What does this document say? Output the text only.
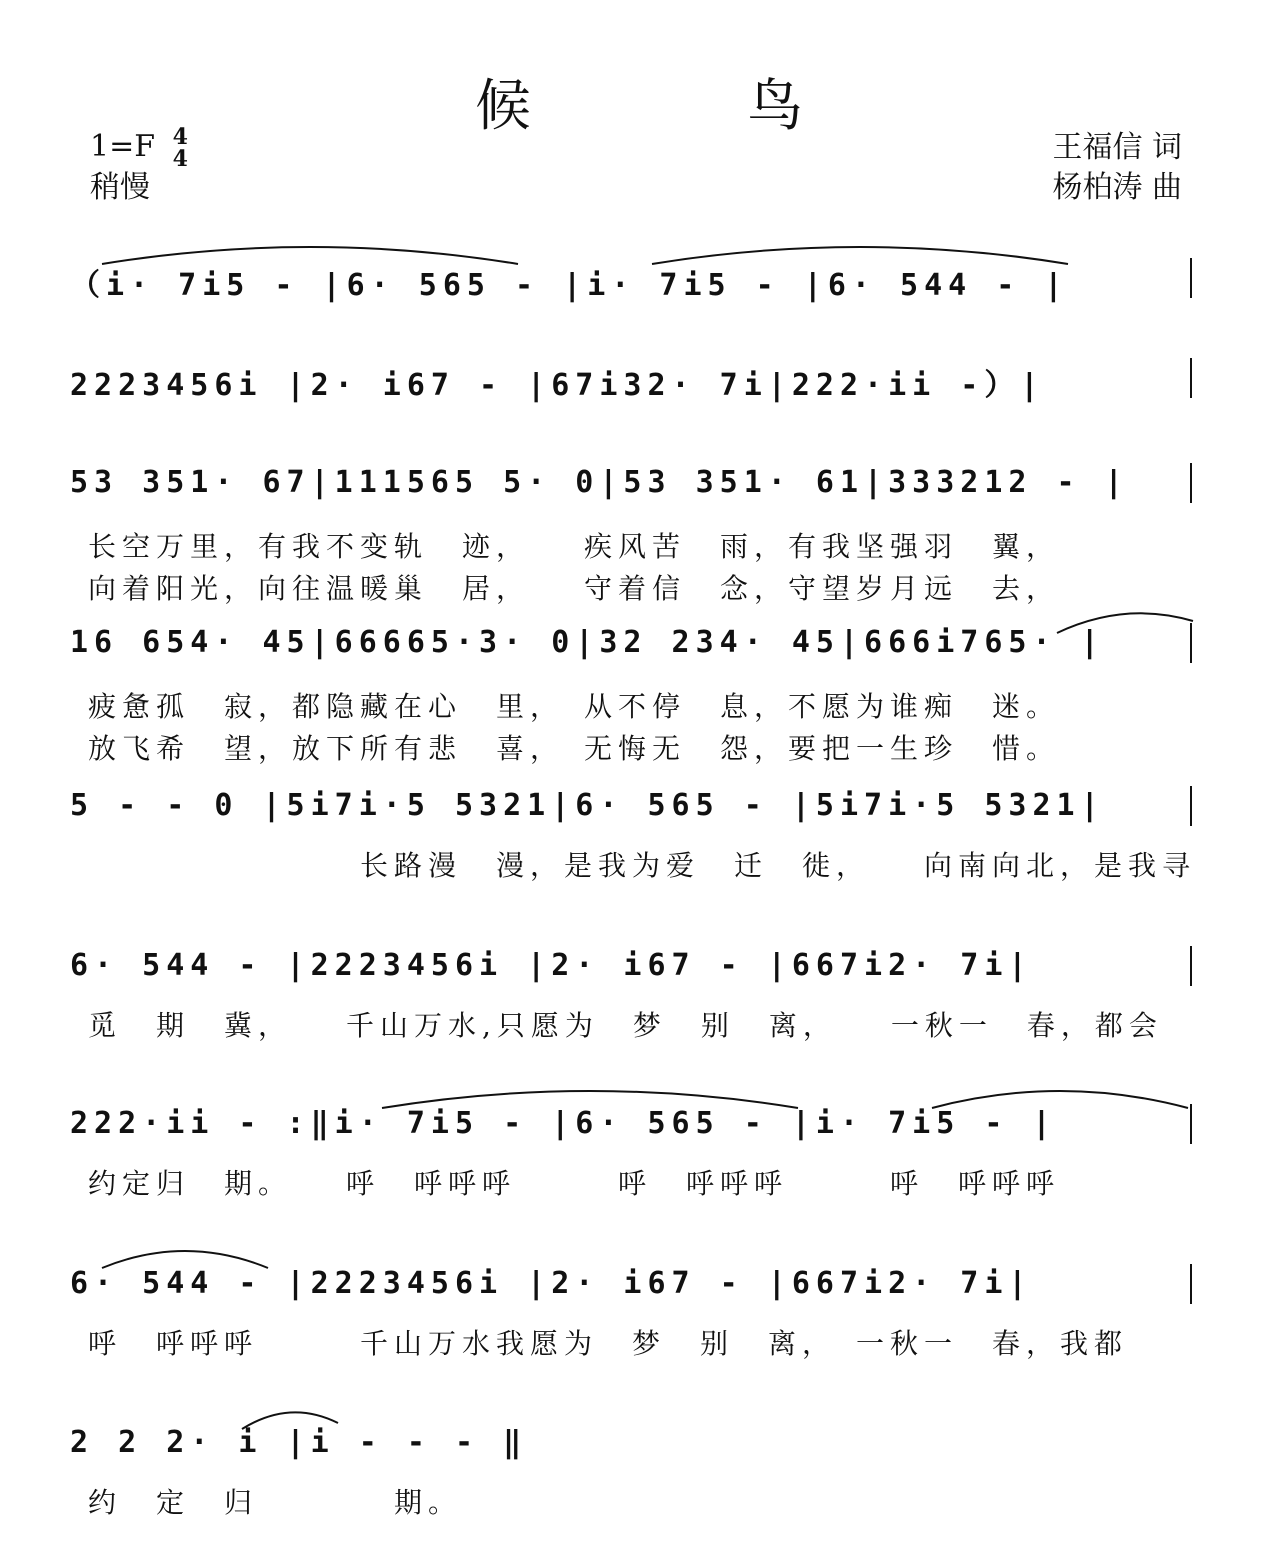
候　鸟
1=F 4
4
稍慢
王福信 词
杨柏涛 曲
（i· 7i5 - |6· 565 - |i· 7i5 - |6· 544 - |
2223456i |2· i67 - |67i32· 7i|222·ii -）|
53 351· 67|111565 5· 0|53 351· 61|333212 - |
长空万里，有我不变轨　迹，　　疾风苦　雨，有我坚强羽　翼，
向着阳光，向往温暖巢　居，　　守着信　念，守望岁月远　去，
16 654· 45|66665·3· 0|32 234· 45|666i765· |
疲惫孤　寂，都隐藏在心　里，　从不停　息，不愿为谁痴　迷。
放飞希　望，放下所有悲　喜，　无悔无　怨，要把一生珍　惜。
5 - - 0 |5i7i·5 5321|6· 565 - |5i7i·5 5321|
　　　　　　　　长路漫　漫，是我为爱　迁　徙，　　向南向北，是我寻
6· 544 - |2223456i |2· i67 - |667i2· 7i|
觅　期　冀，　　千山万水,只愿为　梦　别　离，　　一秋一　春，都会
222·ii - :‖i· 7i5 - |6· 565 - |i· 7i5 - |
约定归　期。　　呼　呼呼呼　　　呼　呼呼呼　　　呼　呼呼呼
6· 544 - |2223456i |2· i67 - |667i2· 7i|
呼　呼呼呼　　　千山万水我愿为　梦　别　离，　一秋一　春，我都
2 2 2· i |i - - - ‖
约　定　归　　　　期。
